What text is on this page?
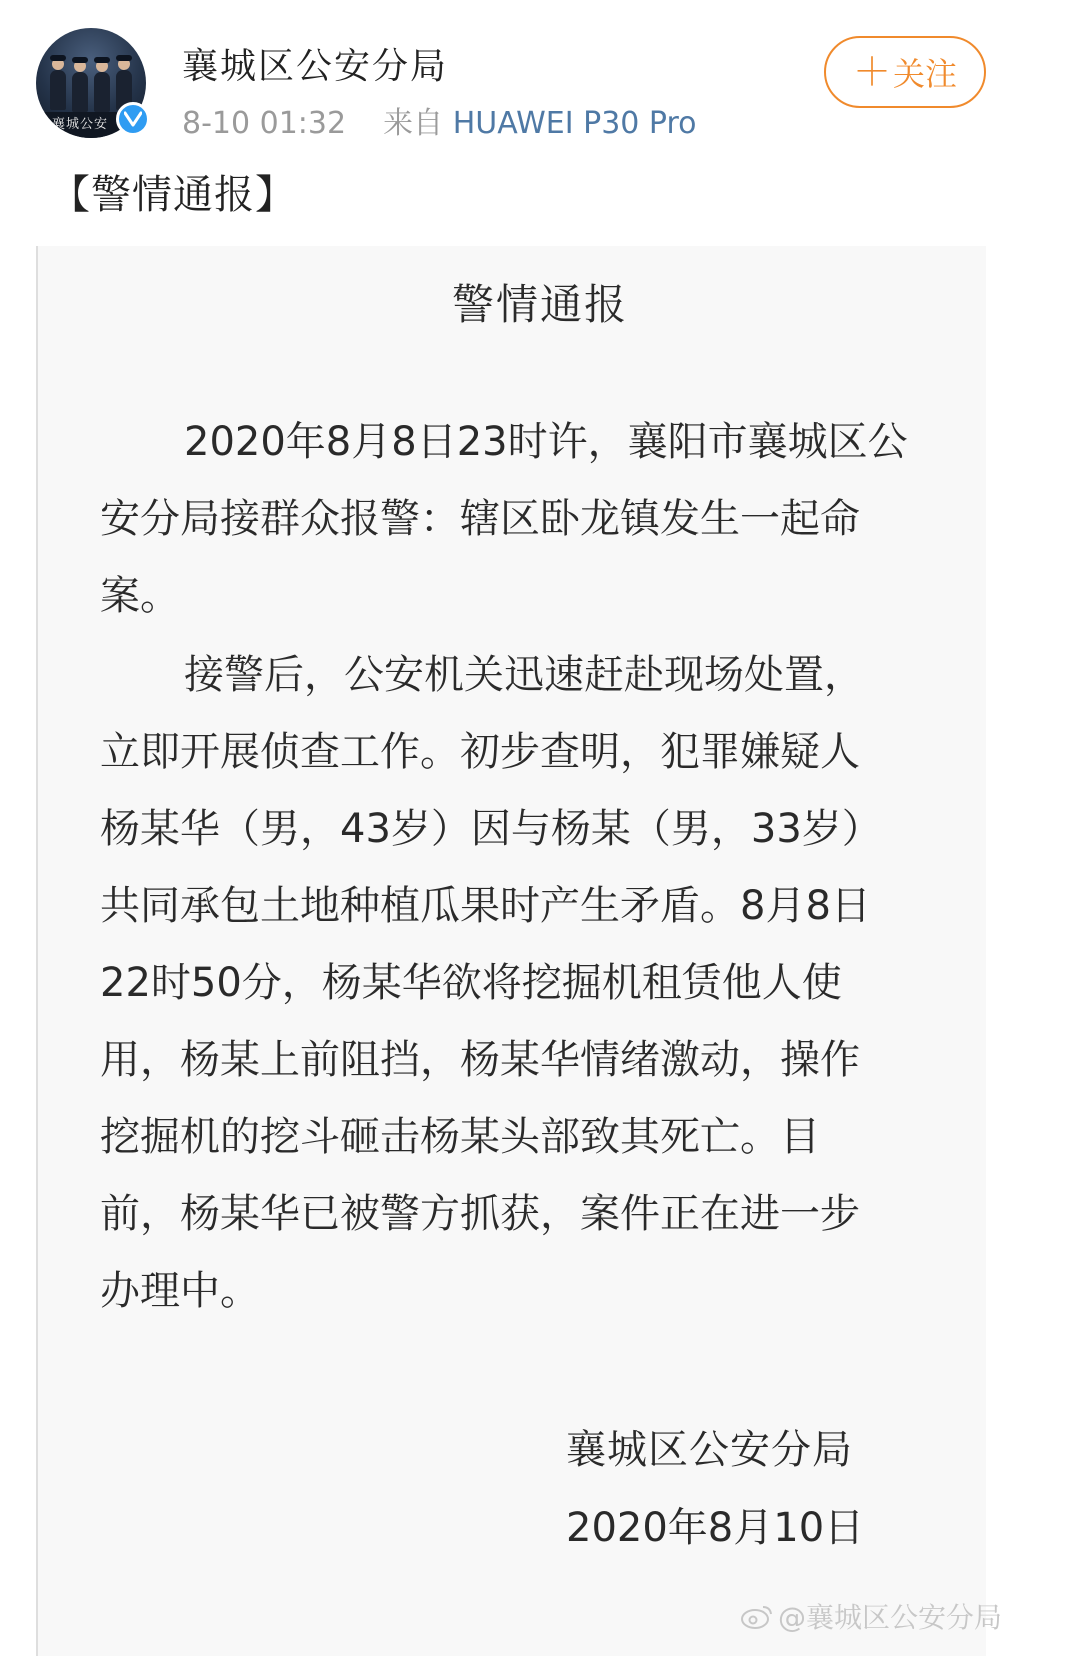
襄城公安
襄城区公安分局
8-10 01:32 来自 HUAWEI P30 Pro
＋ 关注
【警情通报】
警情通报
2020年8月8日23时许，襄阳市襄城区公
安分局接群众报警：辖区卧龙镇发生一起命
案。
接警后，公安机关迅速赶赴现场处置，
立即开展侦查工作。初步查明，犯罪嫌疑人
杨某华（男，43岁）因与杨某（男，33岁）
共同承包土地种植瓜果时产生矛盾。8月8日
22时50分，杨某华欲将挖掘机租赁他人使
用，杨某上前阻挡，杨某华情绪激动，操作
挖掘机的挖斗砸击杨某头部致其死亡。目
前，杨某华已被警方抓获，案件正在进一步
办理中。
襄城区公安分局
2020年8月10日
@襄城区公安分局
